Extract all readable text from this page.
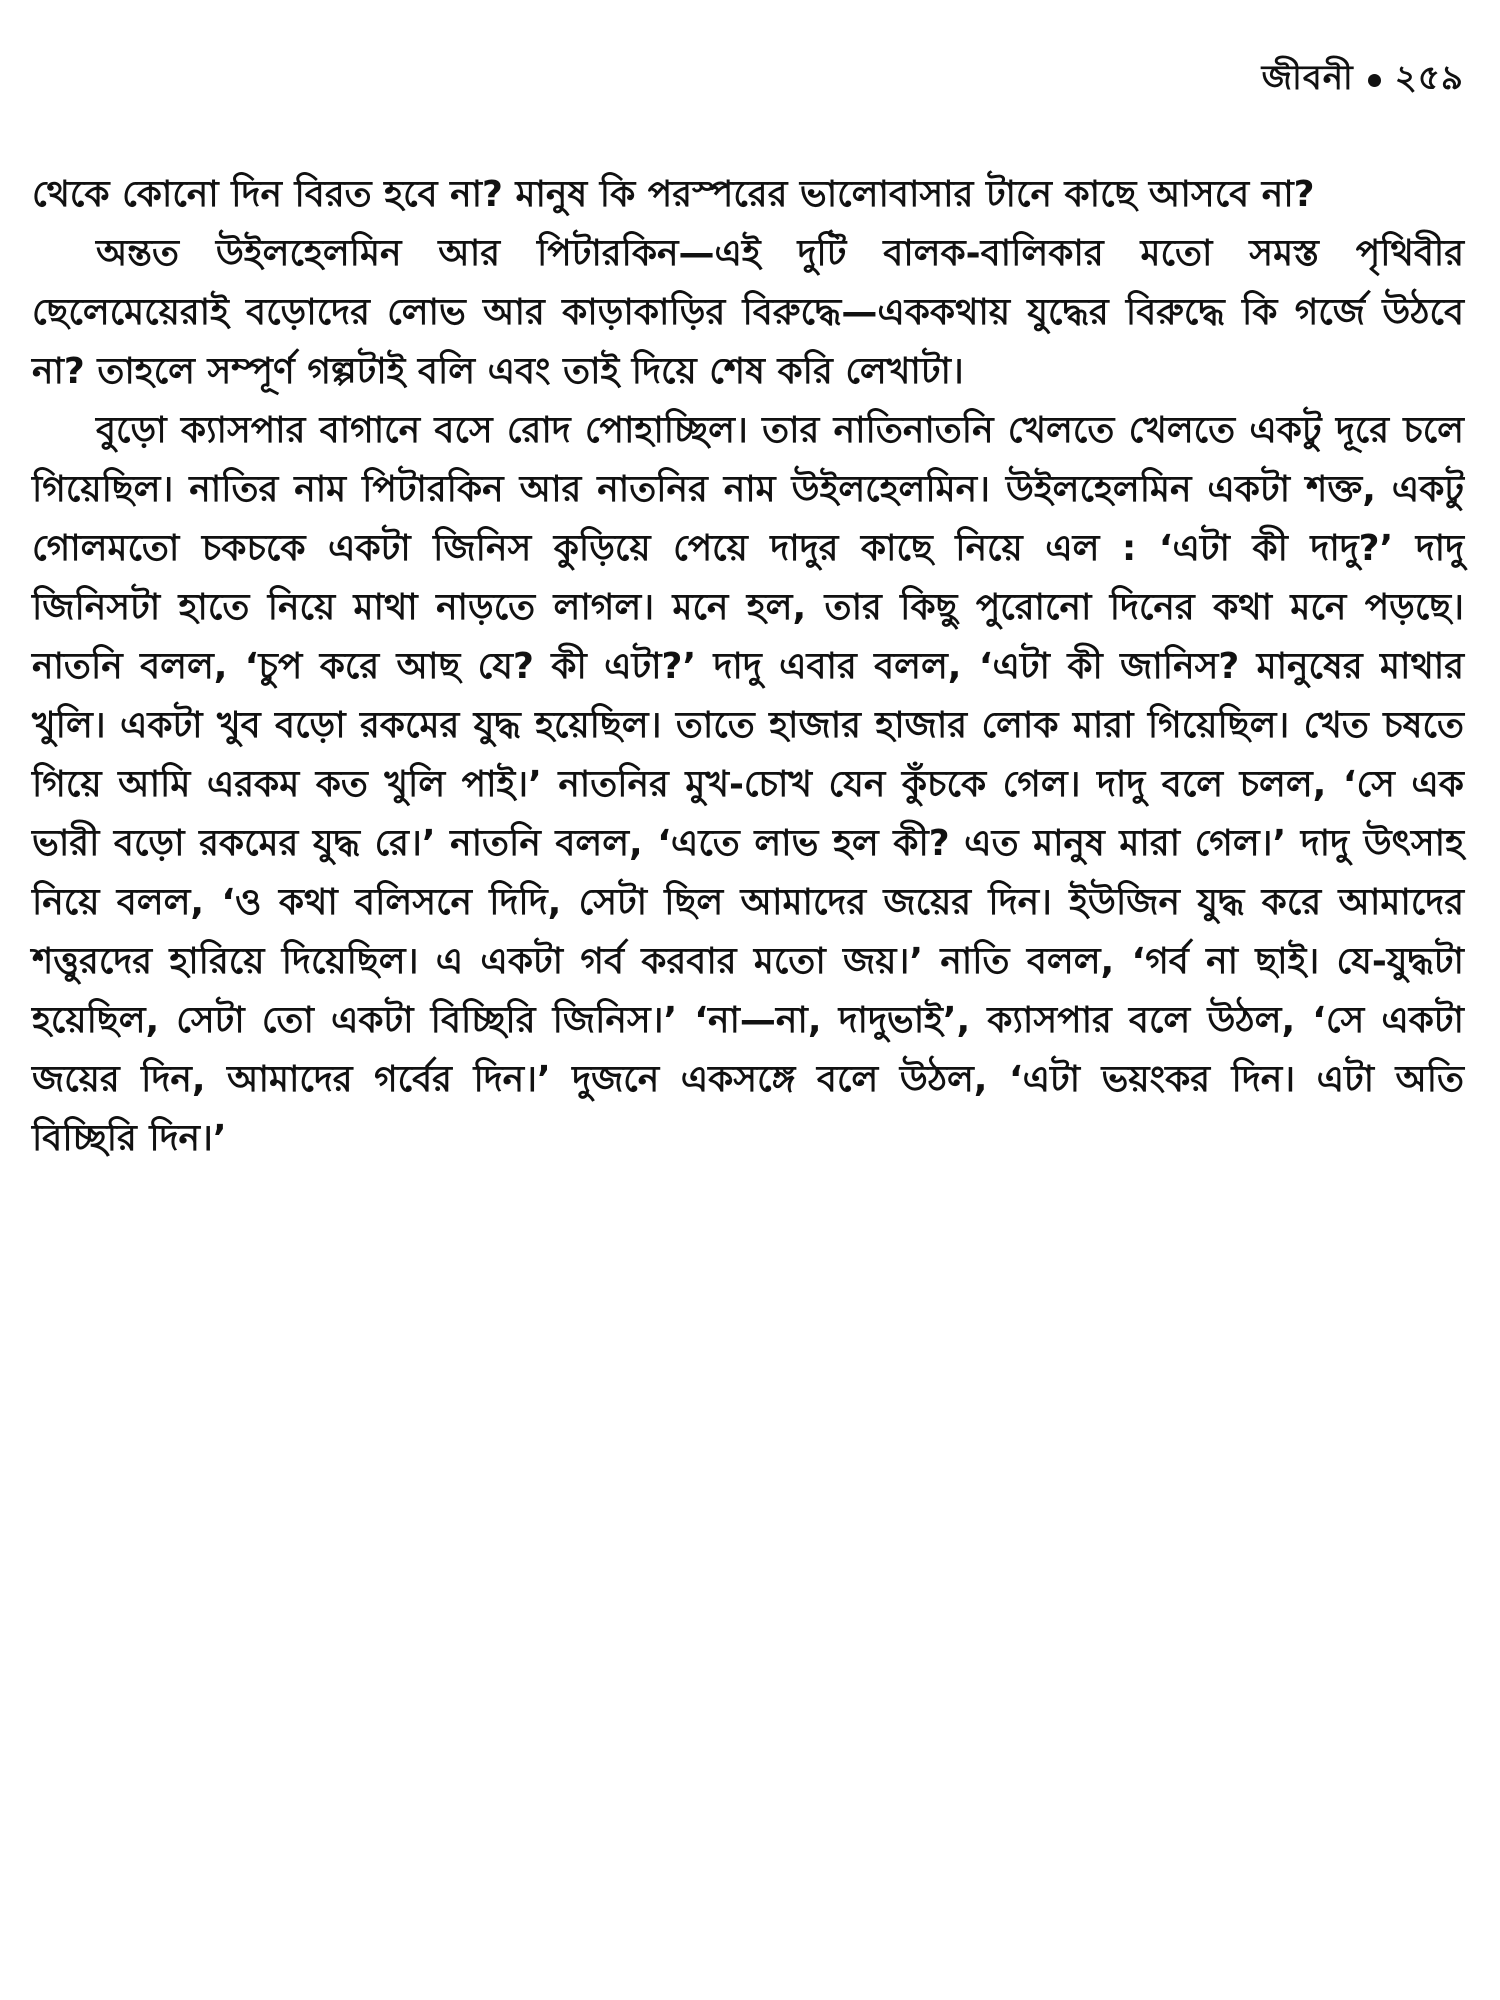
জীবনী ২৫৯

থেকে কোনো দিন বিরত হবে না? মানুষ কি পরস্পরের ভালোবাসার টানে কাছে আসবে না?

অন্তত উইলহেলমিন আর পিটারকিন—এই দুটি বালক-বালিকার মতো সমস্ত পৃথিবীর ছেলেমেয়েরাই বড়োদের লোভ আর কাড়াকাড়ির বিরুদ্ধে—এককথায় যুদ্ধের বিরুদ্ধে কি গর্জে উঠবে না? তাহলে সম্পূর্ণ গল্পটাই বলি এবং তাই দিয়ে শেষ করি লেখাটা।

বুড়ো ক্যাসপার বাগানে বসে রোদ পোহাচ্ছিল। তার নাতিনাতনি খেলতে খেলতে একটু দূরে চলে গিয়েছিল। নাতির নাম পিটারকিন আর নাতনির নাম উইলহেলমিন। উইলহেলমিন একটা শক্ত, একটু গোলমতো চকচকে একটা জিনিস কুড়িয়ে পেয়ে দাদুর কাছে নিয়ে এল : ‘এটা কী দাদু?’ দাদু জিনিসটা হাতে নিয়ে মাথা নাড়তে লাগল। মনে হল, তার কিছু পুরোনো দিনের কথা মনে পড়ছে। নাতনি বলল, ‘চুপ করে আছ যে? কী এটা?’ দাদু এবার বলল, ‘এটা কী জানিস? মানুষের মাথার খুলি। একটা খুব বড়ো রকমের যুদ্ধ হয়েছিল। তাতে হাজার হাজার লোক মারা গিয়েছিল। খেত চষতে গিয়ে আমি এরকম কত খুলি পাই।’ নাতনির মুখ-চোখ যেন কুঁচকে গেল। দাদু বলে চলল, ‘সে এক ভারী বড়ো রকমের যুদ্ধ রে।’ নাতনি বলল, ‘এতে লাভ হল কী? এত মানুষ মারা গেল।’ দাদু উৎসাহ নিয়ে বলল, ‘ও কথা বলিসনে দিদি, সেটা ছিল আমাদের জয়ের দিন। ইউজিন যুদ্ধ করে আমাদের শত্তুরদের হারিয়ে দিয়েছিল। এ একটা গর্ব করবার মতো জয়।’ নাতি বলল, ‘গর্ব না ছাই। যে-যুদ্ধটা হয়েছিল, সেটা তো একটা বিচ্ছিরি জিনিস।’ ‘না—না, দাদুভাই’, ক্যাসপার বলে উঠল, ‘সে একটা জয়ের দিন, আমাদের গর্বের দিন।’ দুজনে একসঙ্গে বলে উঠল, ‘এটা ভয়ংকর দিন। এটা অতি বিচ্ছিরি দিন।’
